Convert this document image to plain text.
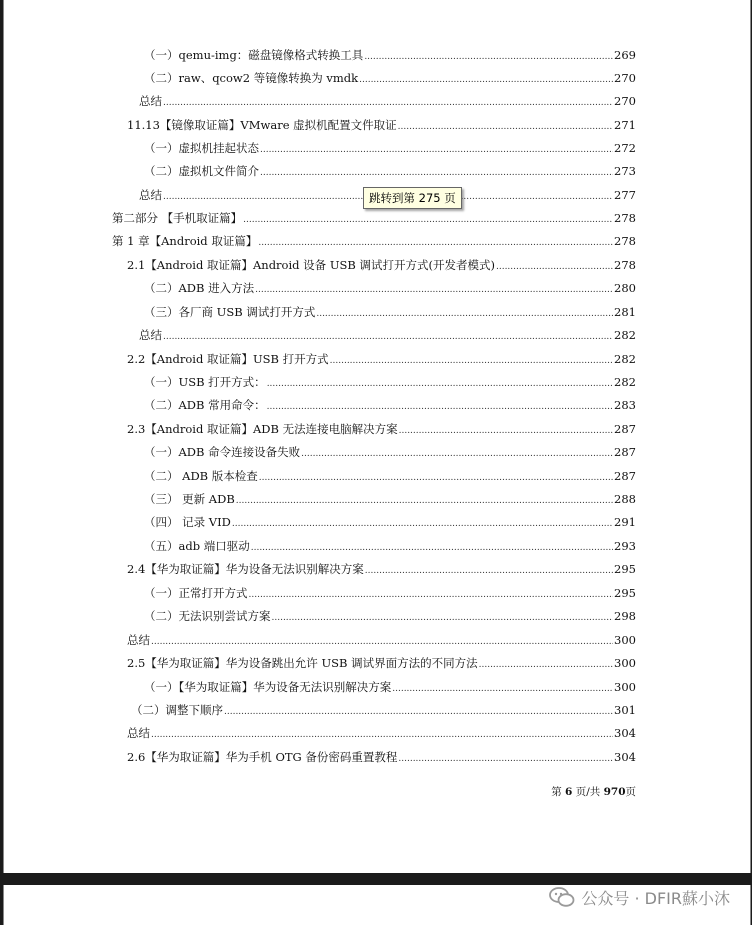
（一）qemu-img：磁盘镜像格式转换工具 .....	269
（二）raw、qcow2 等镜像转换为 vmdk .....	270
总结 .....	270
11.13【镜像取证篇】VMware 虚拟机配置文件取证 .....	271
（一）虚拟机挂起状态 .....	272
（二）虚拟机文件简介 .....	273
总结 .....	277
第二部分 【手机取证篇】 .....	278
第 1 章【Android 取证篇】 .....	278
2.1【Android 取证篇】Android 设备 USB 调试打开方式(开发者模式) .....	278
（二）ADB 进入方法 .....	280
（三）各厂商 USB 调试打开方式 .....	281
总结 .....	282
2.2【Android 取证篇】USB 打开方式 .....	282
（一）USB 打开方式： .....	282
（二）ADB 常用命令： .....	283
2.3【Android 取证篇】ADB 无法连接电脑解决方案 .....	287
（一）ADB 命令连接设备失败 .....	287
（二） ADB 版本检查 .....	287
（三） 更新 ADB .....	288
（四） 记录 VID .....	291
（五）adb 端口驱动 .....	293
2.4【华为取证篇】华为设备无法识别解决方案 .....	295
（一）正常打开方式 .....	295
（二）无法识别尝试方案 .....	298
总结 .....	300
2.5【华为取证篇】华为设备跳出允许 USB 调试界面方法的不同方法 .....	300
（一）【华为取证篇】华为设备无法识别解决方案 .....	300
（二）调整下顺序 .....	301
总结 .....	304
2.6【华为取证篇】华为手机 OTG 备份密码重置教程 .....	304
第 6 页/共 970页
跳转到第 275 页
公众号 · DFIR蘇小沐
